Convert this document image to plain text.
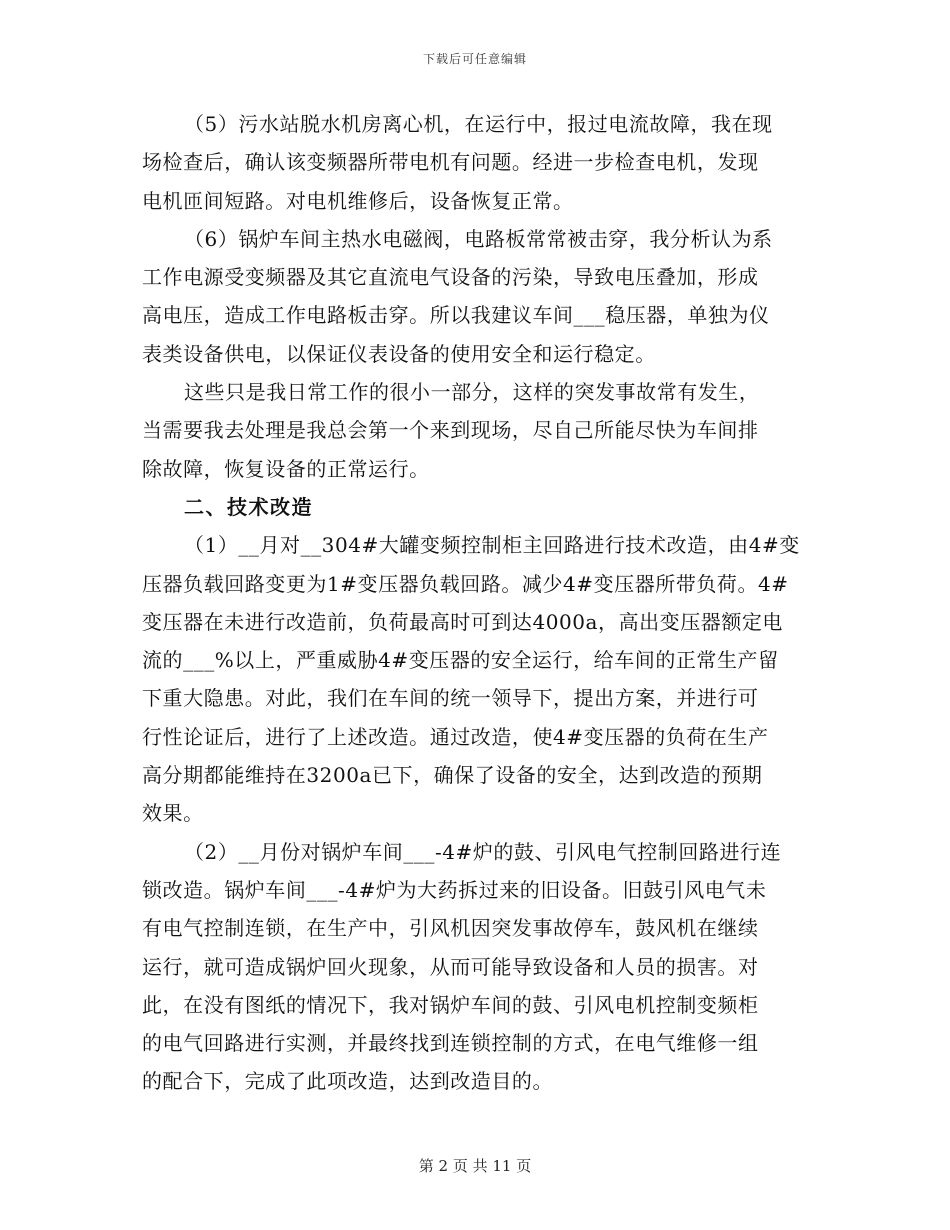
下载后可任意编辑
（5）污水站脱水机房离心机，在运行中，报过电流故障，我在现
场检查后，确认该变频器所带电机有问题。经进一步检查电机，发现
电机匝间短路。对电机维修后，设备恢复正常。
（6）锅炉车间主热水电磁阀，电路板常常被击穿，我分析认为系
工作电源受变频器及其它直流电气设备的污染，导致电压叠加，形成
高电压，造成工作电路板击穿。所以我建议车间___稳压器，单独为仪
表类设备供电，以保证仪表设备的使用安全和运行稳定。
这些只是我日常工作的很小一部分，这样的突发事故常有发生，
当需要我去处理是我总会第一个来到现场，尽自己所能尽快为车间排
除故障，恢复设备的正常运行。
二、技术改造
（1）__月对__304#大罐变频控制柜主回路进行技术改造，由4#变
压器负载回路变更为1#变压器负载回路。减少4#变压器所带负荷。4#
变压器在未进行改造前，负荷最高时可到达4000a，高出变压器额定电
流的___%以上，严重威胁4#变压器的安全运行，给车间的正常生产留
下重大隐患。对此，我们在车间的统一领导下，提出方案，并进行可
行性论证后，进行了上述改造。通过改造，使4#变压器的负荷在生产
高分期都能维持在3200a已下，确保了设备的安全，达到改造的预期
效果。
（2）__月份对锅炉车间___-4#炉的鼓、引风电气控制回路进行连
锁改造。锅炉车间___-4#炉为大药拆过来的旧设备。旧鼓引风电气未
有电气控制连锁，在生产中，引风机因突发事故停车，鼓风机在继续
运行，就可造成锅炉回火现象，从而可能导致设备和人员的损害。对
此，在没有图纸的情况下，我对锅炉车间的鼓、引风电机控制变频柜
的电气回路进行实测，并最终找到连锁控制的方式，在电气维修一组
的配合下，完成了此项改造，达到改造目的。
第 2 页 共 11 页
